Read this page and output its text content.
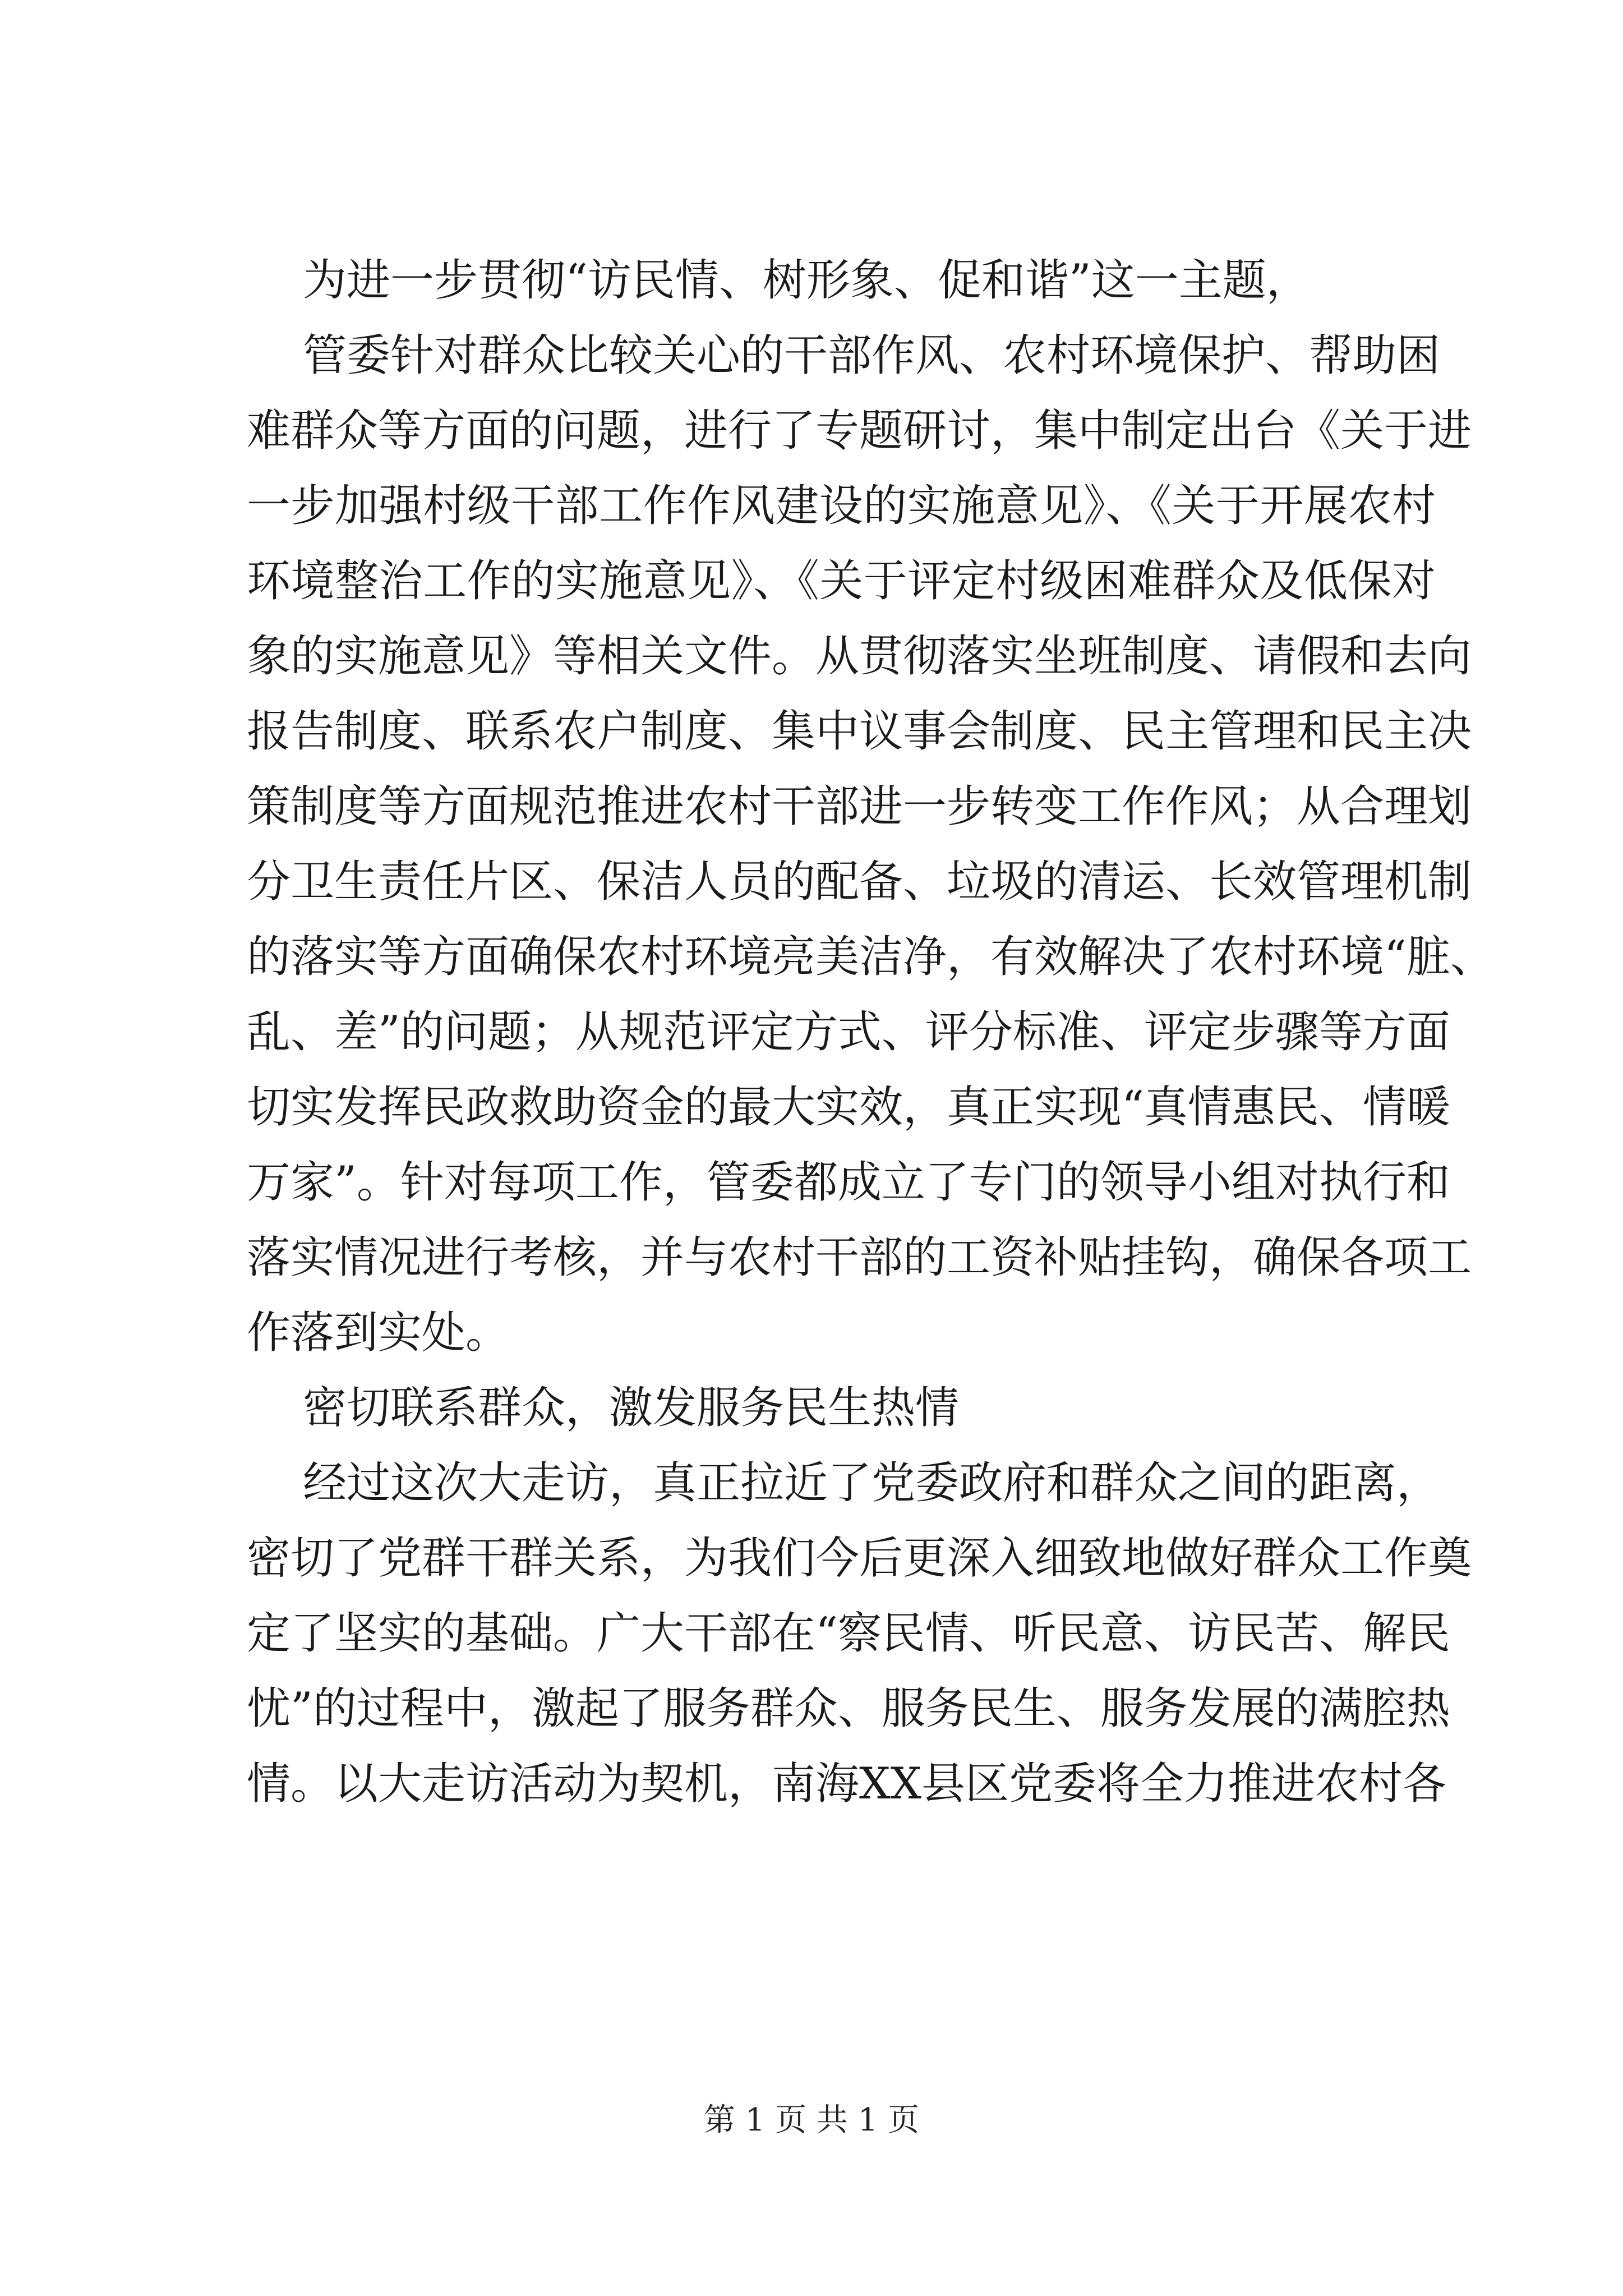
为进一步贯彻“访民情、树形象、促和谐”这一主题，
管委针对群众比较关心的干部作风、农村环境保护、帮助困
难群众等方面的问题，进行了专题研讨，集中制定出台《关于进
一步加强村级干部工作作风建设的实施意见》、《关于开展农村
环境整治工作的实施意见》、《关于评定村级困难群众及低保对
象的实施意见》等相关文件。从贯彻落实坐班制度、请假和去向
报告制度、联系农户制度、集中议事会制度、民主管理和民主决
策制度等方面规范推进农村干部进一步转变工作作风；从合理划
分卫生责任片区、保洁人员的配备、垃圾的清运、长效管理机制
的落实等方面确保农村环境亮美洁净，有效解决了农村环境“脏、
乱、差”的问题；从规范评定方式、评分标准、评定步骤等方面
切实发挥民政救助资金的最大实效，真正实现“真情惠民、情暖
万家”。针对每项工作，管委都成立了专门的领导小组对执行和
落实情况进行考核，并与农村干部的工资补贴挂钩，确保各项工
作落到实处。
密切联系群众，激发服务民生热情
经过这次大走访，真正拉近了党委政府和群众之间的距离，
密切了党群干群关系，为我们今后更深入细致地做好群众工作奠
定了坚实的基础。广大干部在“察民情、听民意、访民苦、解民
忧”的过程中，激起了服务群众、服务民生、服务发展的满腔热
情。以大走访活动为契机，南海XX县区党委将全力推进农村各
第 1 页 共 1 页
